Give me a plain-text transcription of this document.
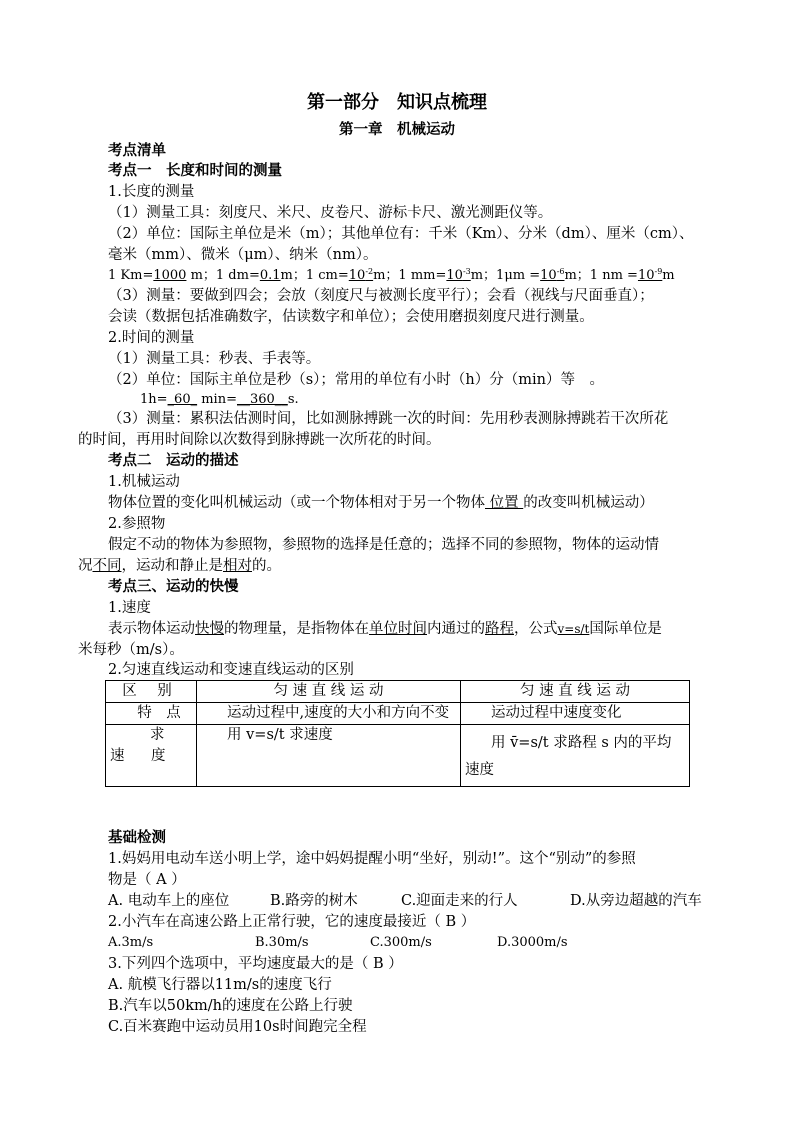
第一部分　知识点梳理
第一章　机械运动
考点清单
考点一　长度和时间的测量
1.长度的测量
（1）测量工具：刻度尺、米尺、皮卷尺、游标卡尺、激光测距仪等。
（2）单位：国际主单位是米（m）；其他单位有：千米（Km）、分米（dm）、厘米（cm）、
毫米（mm）、微米（μm）、纳米（nm）。
1 Km=1000 m；1 dm=0.1m；1 $cm=10^{-2}m$；1 $mm=10^{-3}m$；$1\mu m =10^{-6}m$；1 nm $=10^{-9}m$
（3）测量：要做到四会；会放（刻度尺与被测长度平行）；会看（视线与尺面垂直）；
会读（数据包括准确数字，估读数字和单位）；会使用磨损刻度尺进行测量。
2.时间的测量
（1）测量工具：秒表、手表等。
（2）单位：国际主单位是秒（s）；常用的单位有小时（h）分（min）等　。
1h=_60_ min=__360__s.
（3）测量：累积法估测时间，比如测脉搏跳一次的时间：先用秒表测脉搏跳若干次所花
的时间，再用时间除以次数得到脉搏跳一次所花的时间。
考点二　运动的描述
1.机械运动
物体位置的变化叫机械运动（或一个物体相对于另一个物体 位置 的改变叫机械运动）
2.参照物
假定不动的物体为参照物，参照物的选择是任意的；选择不同的参照物，物体的运动情
况不同，运动和静止是相对的。
考点三、运动的快慢
1.速度
表示物体运动快慢的物理量，是指物体在单位时间内通过的路程，公式v=s/t国际单位是
米每秒（m/s）。
2.匀速直线运动和变速直线运动的区别
区 别	匀 速 直 线 运 动	匀 速 直 线 运 动
特　点	运动过程中,速度的大小和方向不变	运动过程中速度变化
求　速　度	用 v=s/t 求速度	用 v̄=s/t 求路程 s 内的平均速度
基础检测
1.妈妈用电动车送小明上学，途中妈妈提醒小明“坐好，别动!”。这个“别动”的参照
物是（ A ）
A. 电动车上的座位	B.路旁的树木	C.迎面走来的行人	D.从旁边超越的汽车
2.小汽车在高速公路上正常行驶，它的速度最接近（ B ）
A.3m/s	B.30m/s	C.300m/s	D.3000m/s
3.下列四个选项中，平均速度最大的是（ B ）
A. 航模飞行器以11m/s的速度飞行
B.汽车以50km/h的速度在公路上行驶
C.百米赛跑中运动员用10s时间跑完全程
